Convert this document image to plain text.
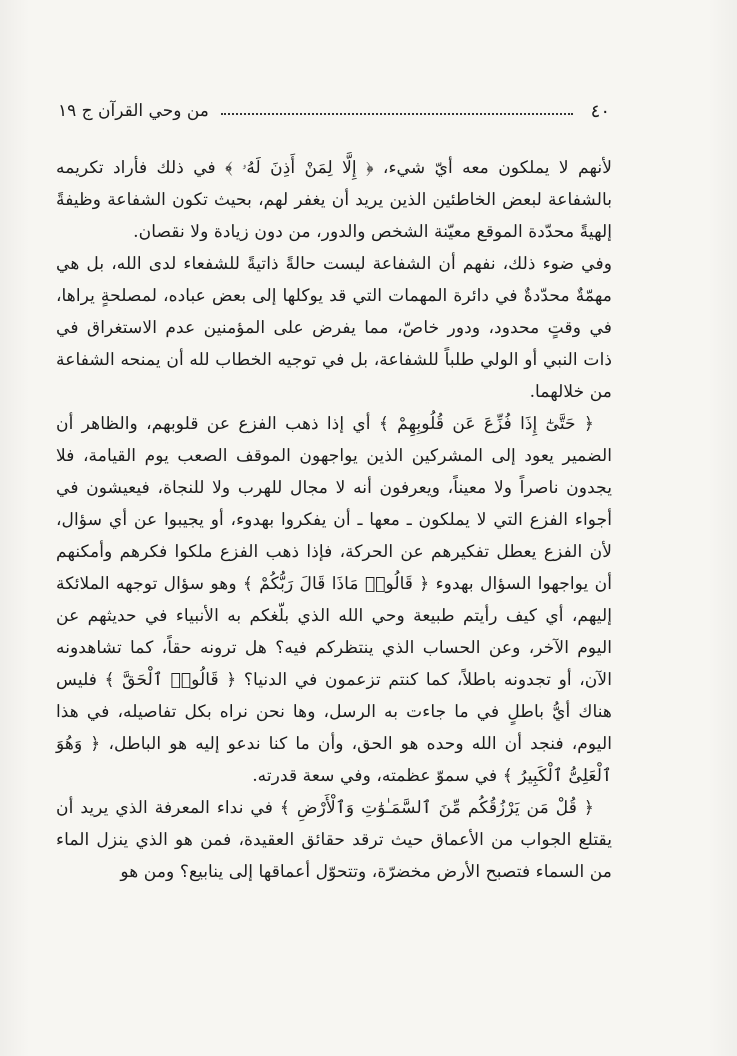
٤٠
من وحي القرآن ج ١٩

لأنهم لا يملكون معه أيّ شيء، ﴿ إِلَّا لِمَنْ أَذِنَ لَهُۥ ﴾ في ذلك فأراد تكريمه بالشفاعة لبعض الخاطئين الذين يريد أن يغفر لهم، بحيث تكون الشفاعة وظيفةً إلهيةً محدّدة الموقع معيّنة الشخص والدور، من دون زيادة ولا نقصان.

وفي ضوء ذلك، نفهم أن الشفاعة ليست حالةً ذاتيةً للشفعاء لدى الله، بل هي مهمّةٌ محدّدةٌ في دائرة المهمات التي قد يوكلها إلى بعض عباده، لمصلحةٍ يراها، في وقتٍ محدود، ودور خاصّ، مما يفرض على المؤمنين عدم الاستغراق في ذات النبي أو الولي طلباً للشفاعة، بل في توجيه الخطاب لله أن يمنحه الشفاعة من خلالهما.

﴿ حَتَّىٰٓ إِذَا فُزِّعَ عَن قُلُوبِهِمْ ﴾ أي إذا ذهب الفزع عن قلوبهم، والظاهر أن الضمير يعود إلى المشركين الذين يواجهون الموقف الصعب يوم القيامة، فلا يجدون ناصراً ولا معيناً، ويعرفون أنه لا مجال للهرب ولا للنجاة، فيعيشون في أجواء الفزع التي لا يملكون ـ معها ـ أن يفكروا بهدوء، أو يجيبوا عن أي سؤال، لأن الفزع يعطل تفكيرهم عن الحركة، فإذا ذهب الفزع ملكوا فكرهم وأمكنهم أن يواجهوا السؤال بهدوء ﴿ قَالُوا۟ مَاذَا قَالَ رَبُّكُمْ ﴾ وهو سؤال توجهه الملائكة إليهم، أي كيف رأيتم طبيعة وحي الله الذي بلّغكم به الأنبياء في حديثهم عن اليوم الآخر، وعن الحساب الذي ينتظركم فيه؟ هل ترونه حقاً، كما تشاهدونه الآن، أو تجدونه باطلاً، كما كنتم تزعمون في الدنيا؟ ﴿ قَالُوا۟ ٱلْحَقَّ ﴾ فليس هناك أيُّ باطلٍ في ما جاءت به الرسل، وها نحن نراه بكل تفاصيله، في هذا اليوم، فنجد أن الله وحده هو الحق، وأن ما كنا ندعو إليه هو الباطل، ﴿ وَهُوَ ٱلْعَلِىُّ ٱلْكَبِيرُ ﴾ في سموّ عظمته، وفي سعة قدرته.

﴿ قُلْ مَن يَرْزُقُكُم مِّنَ ٱلسَّمَـٰوَٰتِ وَٱلْأَرْضِ ﴾ في نداء المعرفة الذي يريد أن يقتلع الجواب من الأعماق حيث ترقد حقائق العقيدة، فمن هو الذي ينزل الماء من السماء فتصبح الأرض مخضرّة، وتتحوّل أعماقها إلى ينابيع؟ ومن هو
